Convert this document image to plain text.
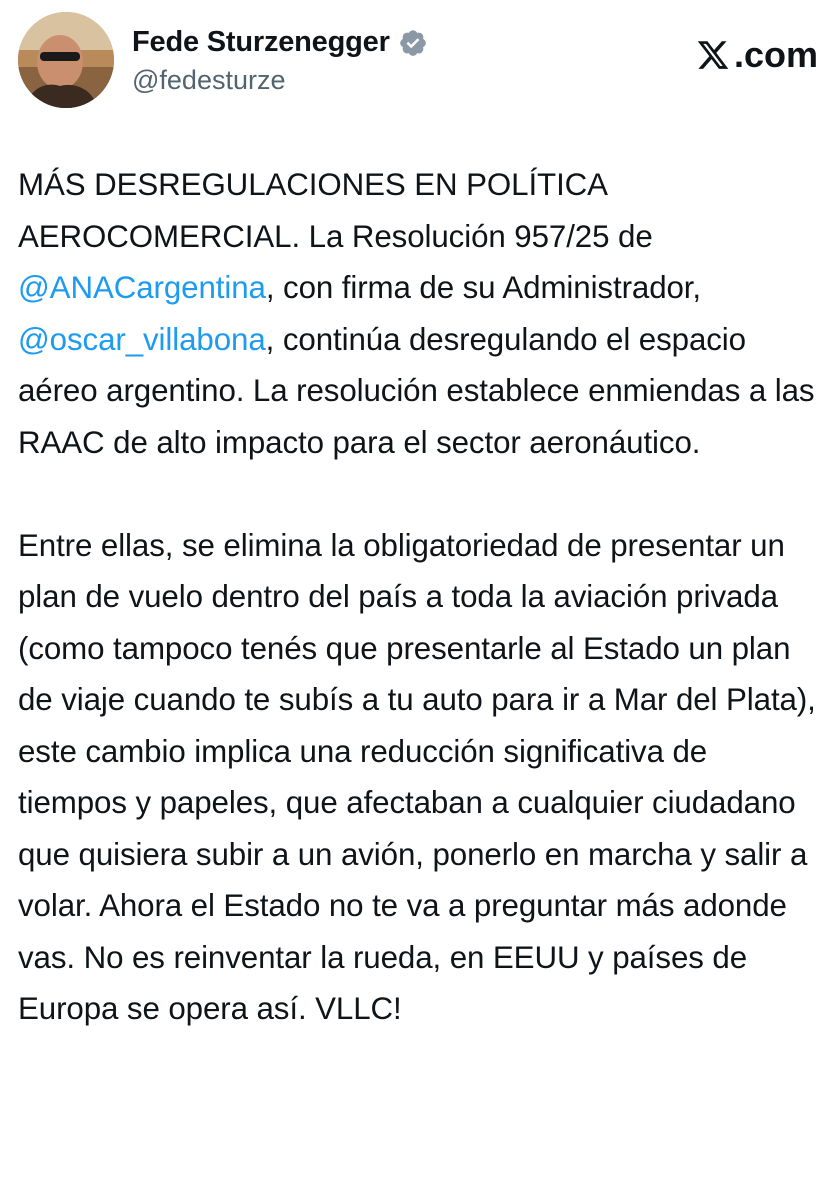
Fede Sturzenegger
@fedesturze
.com

MÁS DESREGULACIONES EN POLÍTICA AEROCOMERCIAL. La Resolución 957/25 de @ANACargentina, con firma de su Administrador, @oscar_villabona, continúa desregulando el espacio aéreo argentino. La resolución establece enmiendas a las RAAC de alto impacto para el sector aeronáutico.

Entre ellas, se elimina la obligatoriedad de presentar un plan de vuelo dentro del país a toda la aviación privada (como tampoco tenés que presentarle al Estado un plan de viaje cuando te subís a tu auto para ir a Mar del Plata), este cambio implica una reducción significativa de tiempos y papeles, que afectaban a cualquier ciudadano que quisiera subir a un avión, ponerlo en marcha y salir a volar. Ahora el Estado no te va a preguntar más adonde vas. No es reinventar la rueda, en EEUU y países de Europa se opera así. VLLC!
